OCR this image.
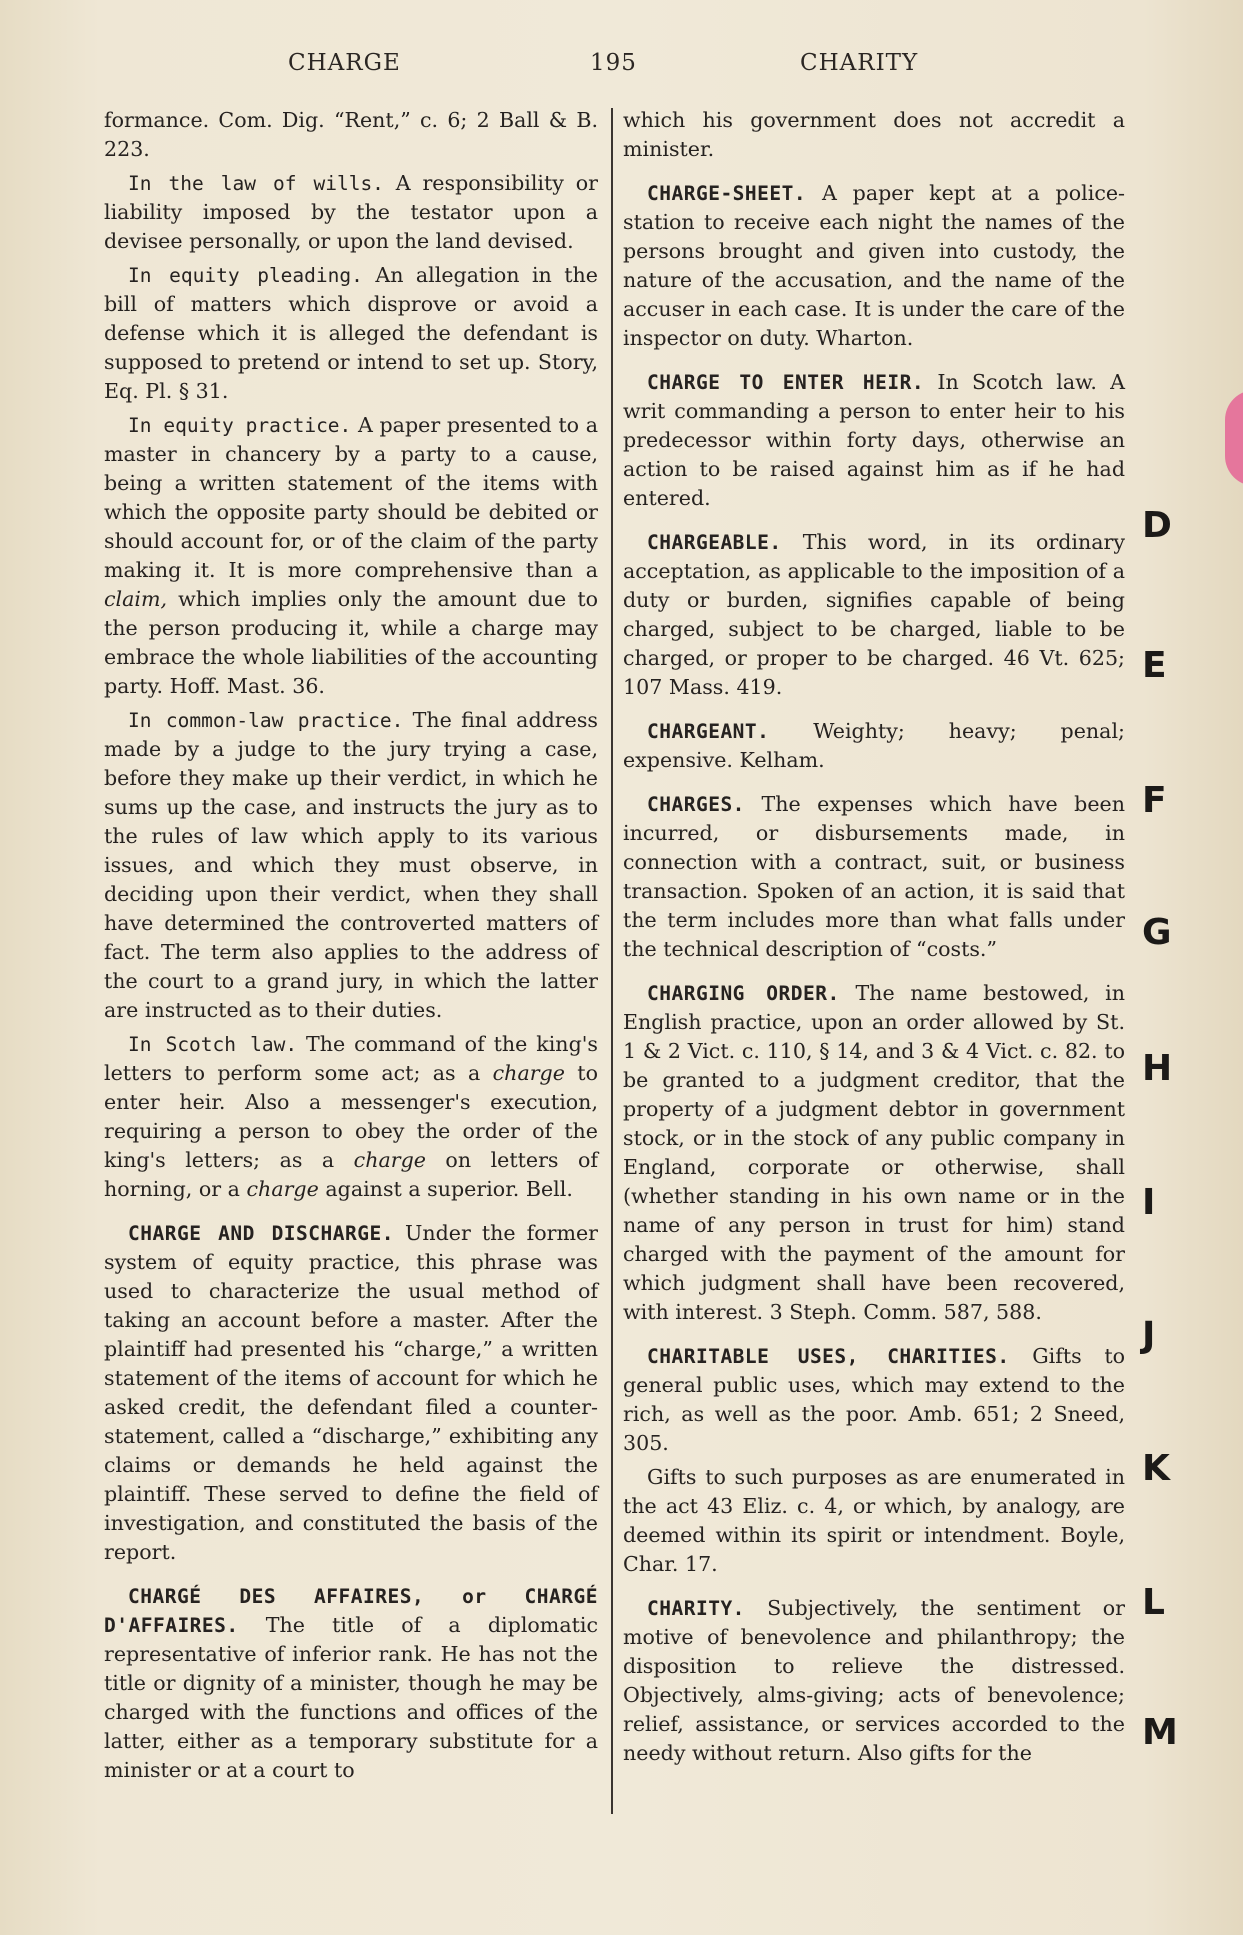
CHARGE	195	CHARITY

formance. Com. Dig. “Rent,” c. 6; 2 Ball & B. 223.

In the law of wills. A responsibility or liability imposed by the testator upon a devisee personally, or upon the land devised.

In equity pleading. An allegation in the bill of matters which disprove or avoid a defense which it is alleged the defendant is supposed to pretend or intend to set up. Story, Eq. Pl. § 31.

In equity practice. A paper presented to a master in chancery by a party to a cause, being a written statement of the items with which the opposite party should be debited or should account for, or of the claim of the party making it. It is more comprehensive than a claim, which implies only the amount due to the person producing it, while a charge may embrace the whole liabilities of the accounting party. Hoff. Mast. 36.

In common-law practice. The final address made by a judge to the jury trying a case, before they make up their verdict, in which he sums up the case, and instructs the jury as to the rules of law which apply to its various issues, and which they must observe, in deciding upon their verdict, when they shall have determined the controverted matters of fact. The term also applies to the address of the court to a grand jury, in which the latter are instructed as to their duties.

In Scotch law. The command of the king's letters to perform some act; as a charge to enter heir. Also a messenger's execution, requiring a person to obey the order of the king's letters; as a charge on letters of horning, or a charge against a superior. Bell.

CHARGE AND DISCHARGE. Under the former system of equity practice, this phrase was used to characterize the usual method of taking an account before a master. After the plaintiff had presented his “charge,” a written statement of the items of account for which he asked credit, the defendant filed a counter-statement, called a “discharge,” exhibiting any claims or demands he held against the plaintiff. These served to define the field of investigation, and constituted the basis of the report.

CHARGÉ DES AFFAIRES, or CHARGÉ D'AFFAIRES. The title of a diplomatic representative of inferior rank. He has not the title or dignity of a minister, though he may be charged with the functions and offices of the latter, either as a temporary substitute for a minister or at a court to

which his government does not accredit a minister.

CHARGE-SHEET. A paper kept at a police-station to receive each night the names of the persons brought and given into custody, the nature of the accusation, and the name of the accuser in each case. It is under the care of the inspector on duty. Wharton.

CHARGE TO ENTER HEIR. In Scotch law. A writ commanding a person to enter heir to his predecessor within forty days, otherwise an action to be raised against him as if he had entered.

CHARGEABLE. This word, in its ordinary acceptation, as applicable to the imposition of a duty or burden, signifies capable of being charged, subject to be charged, liable to be charged, or proper to be charged. 46 Vt. 625; 107 Mass. 419.

CHARGEANT. Weighty; heavy; penal; expensive. Kelham.

CHARGES. The expenses which have been incurred, or disbursements made, in connection with a contract, suit, or business transaction. Spoken of an action, it is said that the term includes more than what falls under the technical description of “costs.”

CHARGING ORDER. The name bestowed, in English practice, upon an order allowed by St. 1 & 2 Vict. c. 110, § 14, and 3 & 4 Vict. c. 82. to be granted to a judgment creditor, that the property of a judgment debtor in government stock, or in the stock of any public company in England, corporate or otherwise, shall (whether standing in his own name or in the name of any person in trust for him) stand charged with the payment of the amount for which judgment shall have been recovered, with interest. 3 Steph. Comm. 587, 588.

CHARITABLE USES, CHARITIES. Gifts to general public uses, which may extend to the rich, as well as the poor. Amb. 651; 2 Sneed, 305.

Gifts to such purposes as are enumerated in the act 43 Eliz. c. 4, or which, by analogy, are deemed within its spirit or intendment. Boyle, Char. 17.

CHARITY. Subjectively, the sentiment or motive of benevolence and philanthropy; the disposition to relieve the distressed. Objectively, alms-giving; acts of benevolence; relief, assistance, or services accorded to the needy without return. Also gifts for the

D
E
F
G
H
I
J
K
L
M
